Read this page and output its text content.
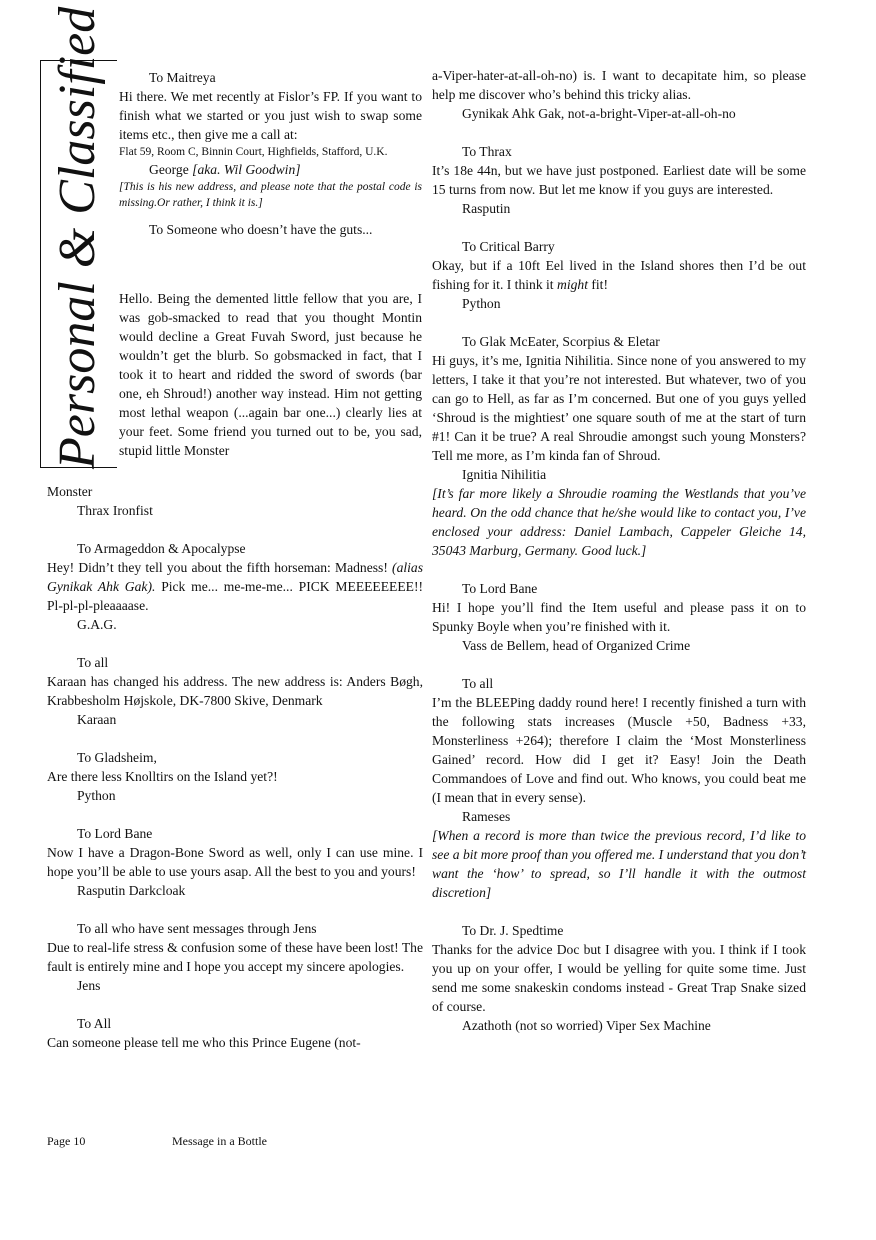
Personal & Classified	To Maitreya

Hi there. We met recently at Fislor’s FP. If you want to finish what we started or you just wish to swap some items etc., then give me a call at:

Flat 59, Room C, Binnin Court, Highfields, Stafford, U.K.

George [aka. Wil Goodwin]

[This is his new address, and please note that the postal code is missing.Or rather, I think it is.]

To Someone who doesn’t have the guts...

Hello. Being the demented little fellow that you are, I was gob-smacked to read that you thought Montin would decline a Great Fuvah Sword, just because he wouldn’t get the blurb. So gobsmacked in fact, that I took it to heart and ridded the sword of swords (bar one, eh Shroud!) another way instead. Him not getting most lethal weapon (...again bar one...) clearly lies at your feet. Some friend you turned out to be, you sad, stupid little Monster

Monster

Thrax Ironfist

To Armageddon & Apocalypse

Hey! Didn’t they tell you about the fifth horseman: Madness! (alias Gynikak Ahk Gak). Pick me... me-me-me... PICK MEEEEEEEE!! Pl-pl-pl-pleaaaase.

G.A.G.

To all

Karaan has changed his address. The new address is: Anders Bøgh, Krabbesholm Højskole, DK-7800 Skive, Denmark

Karaan

To Gladsheim,

Are there less Knolltirs on the Island yet?!

Python

To Lord Bane

Now I have a Dragon-Bone Sword as well, only I can use mine. I hope you’ll be able to use yours asap. All the best to you and yours!

Rasputin Darkcloak

To all who have sent messages through Jens

Due to real-life stress & confusion some of these have been lost! The fault is entirely mine and I hope you accept my sincere apologies.

Jens

To All

Can someone please tell me who this Prince Eugene (not-

a-Viper-hater-at-all-oh-no) is. I want to decapitate him, so please help me discover who’s behind this tricky alias.

Gynikak Ahk Gak, not-a-bright-Viper-at-all-oh-no

To Thrax

It’s 18e 44n, but we have just postponed. Earliest date will be some 15 turns from now. But let me know if you guys are interested.

Rasputin

To Critical Barry

Okay, but if a 10ft Eel lived in the Island shores then I’d be out fishing for it. I think it might fit!

Python

To Glak McEater, Scorpius & Eletar

Hi guys, it’s me, Ignitia Nihilitia. Since none of you answered to my letters, I take it that you’re not interested. But whatever, two of you can go to Hell, as far as I’m concerned. But one of you guys yelled ‘Shroud is the mightiest’ one square south of me at the start of turn #1! Can it be true? A real Shroudie amongst such young Monsters? Tell me more, as I’m kinda fan of Shroud.

Ignitia Nihilitia

[It’s far more likely a Shroudie roaming the Westlands that you’ve heard. On the odd chance that he/she would like to contact you, I’ve enclosed your address: Daniel Lambach, Cappeler Gleiche 14, 35043 Marburg, Germany. Good luck.]

To Lord Bane

Hi! I hope you’ll find the Item useful and please pass it on to Spunky Boyle when you’re finished with it.

Vass de Bellem, head of Organized Crime

To all

I’m the BLEEPing daddy round here! I recently finished a turn with the following stats increases (Muscle +50, Badness +33, Monsterliness +264); therefore I claim the ‘Most Monsterliness Gained’ record. How did I get it? Easy! Join the Death Commandoes of Love and find out. Who knows, you could beat me (I mean that in every sense).

Rameses

[When a record is more than twice the previous record, I’d like to see a bit more proof than you offered me. I understand that you don’t want the ‘how’ to spread, so I’ll handle it with the outmost discretion]

To Dr. J. Spedtime

Thanks for the advice Doc but I disagree with you. I think if I took you up on your offer, I would be yelling for quite some time. Just send me some snakeskin condoms instead - Great Trap Snake sized of course.

Azathoth (not so worried) Viper Sex Machine

Page 10	Message in a Bottle
